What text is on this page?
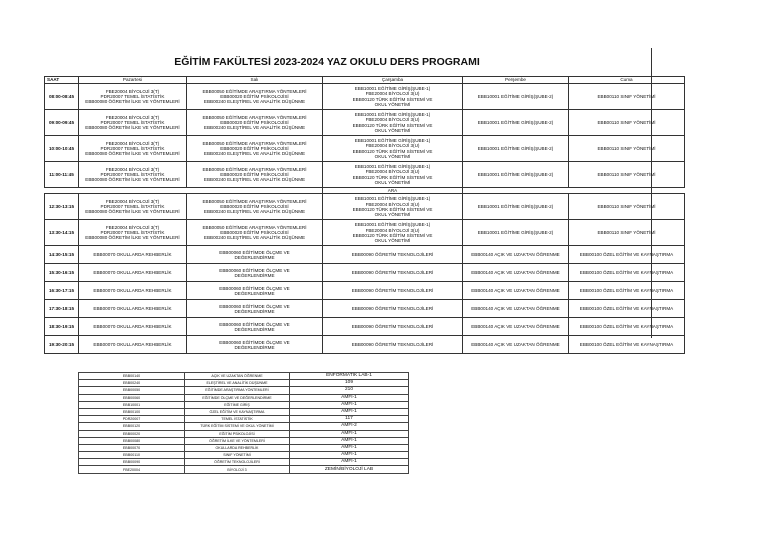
EĞİTİM FAKÜLTESİ 2023-2024 YAZ OKULU DERS PROGRAMI
SAAT	Pazartesi	Salı	Çarşamba	Perşembe	Cuma
08:00-08:45	FBE20004 BİYOLOJİ 3(T)
PDR20007 TEMEL İSTATİSTİK
EBB00080 ÖĞRETİM İLKE VE YÖNTEMLERİ	EBB00050 EĞİTİMDE ARAŞTIRMA YÖNTEMLERİ
EBB00020 EĞİTİM PSİKOLOJİSİ
EBB00240 ELEŞTİREL VE ANALİTİK DÜŞÜNME	EBB10001 EĞİTİME GİRİŞ(ŞUBE-1)
FBE20004 BİYOLOJİ 3(U)
EBB00120 TÜRK EĞİTİM SİSTEMİ VE
OKUL YÖNETİMİ	EBB10001 EĞİTİME GİRİŞ(ŞUBE-2)	EBB00110 SINIF YÖNETİMİ
09:00-09:45	FBE20004 BİYOLOJİ 3(T)
PDR20007 TEMEL İSTATİSTİK
EBB00080 ÖĞRETİM İLKE VE YÖNTEMLERİ	EBB00050 EĞİTİMDE ARAŞTIRMA YÖNTEMLERİ
EBB00020 EĞİTİM PSİKOLOJİSİ
EBB00240 ELEŞTİREL VE ANALİTİK DÜŞÜNME	EBB10001 EĞİTİME GİRİŞ(ŞUBE-1)
FBE20004 BİYOLOJİ 3(U)
EBB00120 TÜRK EĞİTİM SİSTEMİ VE
OKUL YÖNETİMİ	EBB10001 EĞİTİME GİRİŞ(ŞUBE-2)	EBB00110 SINIF YÖNETİMİ
10:00-10:45	FBE20004 BİYOLOJİ 3(T)
PDR20007 TEMEL İSTATİSTİK
EBB00080 ÖĞRETİM İLKE VE YÖNTEMLERİ	EBB00050 EĞİTİMDE ARAŞTIRMA YÖNTEMLERİ
EBB00020 EĞİTİM PSİKOLOJİSİ
EBB00240 ELEŞTİREL VE ANALİTİK DÜŞÜNME	EBB10001 EĞİTİME GİRİŞ(ŞUBE-1)
FBE20004 BİYOLOJİ 3(U)
EBB00120 TÜRK EĞİTİM SİSTEMİ VE
OKUL YÖNETİMİ	EBB10001 EĞİTİME GİRİŞ(ŞUBE-2)	EBB00110 SINIF YÖNETİMİ
11:00-11:45	FBE20004 BİYOLOJİ 3(T)
PDR20007 TEMEL İSTATİSTİK
EBB00080 ÖĞRETİM İLKE VE YÖNTEMLERİ	EBB00050 EĞİTİMDE ARAŞTIRMA YÖNTEMLERİ
EBB00020 EĞİTİM PSİKOLOJİSİ
EBB00240 ELEŞTİREL VE ANALİTİK DÜŞÜNME	EBB10001 EĞİTİME GİRİŞ(ŞUBE-1)
FBE20004 BİYOLOJİ 3(U)
EBB00120 TÜRK EĞİTİM SİSTEMİ VE
OKUL YÖNETİMİ	EBB10001 EĞİTİME GİRİŞ(ŞUBE-2)	EBB00110 SINIF YÖNETİMİ
			ARA		
12:30-13:15	FBE20004 BİYOLOJİ 3(T)
PDR20007 TEMEL İSTATİSTİK
EBB00080 ÖĞRETİM İLKE VE YÖNTEMLERİ	EBB00050 EĞİTİMDE ARAŞTIRMA YÖNTEMLERİ
EBB00020 EĞİTİM PSİKOLOJİSİ
EBB00240 ELEŞTİREL VE ANALİTİK DÜŞÜNME	EBB10001 EĞİTİME GİRİŞ(ŞUBE-1)
FBE20004 BİYOLOJİ 3(U)
EBB00120 TÜRK EĞİTİM SİSTEMİ VE
OKUL YÖNETİMİ	EBB10001 EĞİTİME GİRİŞ(ŞUBE-2)	EBB00110 SINIF YÖNETİMİ
13:30-14:15	FBE20004 BİYOLOJİ 3(T)
PDR20007 TEMEL İSTATİSTİK
EBB00080 ÖĞRETİM İLKE VE YÖNTEMLERİ	EBB00050 EĞİTİMDE ARAŞTIRMA YÖNTEMLERİ
EBB00020 EĞİTİM PSİKOLOJİSİ
EBB00240 ELEŞTİREL VE ANALİTİK DÜŞÜNME	EBB10001 EĞİTİME GİRİŞ(ŞUBE-1)
FBE20004 BİYOLOJİ 3(U)
EBB00120 TÜRK EĞİTİM SİSTEMİ VE
OKUL YÖNETİMİ	EBB10001 EĞİTİME GİRİŞ(ŞUBE-2)	EBB00110 SINIF YÖNETİMİ
14:30-15:15	EBB00070 OKULLARDA REHBERLİK	EBB00060 EĞİTİMDE ÖLÇME VE
DEĞERLENDİRME	EBB00090 ÖĞRETİM TEKNOLOJİLERİ	EBB00140 AÇIK VE UZAKTAN ÖĞRENME	EBB00100 ÖZEL EĞİTİM VE KAYNAŞTIRMA
15:30-16:15	EBB00070 OKULLARDA REHBERLİK	EBB00060 EĞİTİMDE ÖLÇME VE
DEĞERLENDİRME	EBB00090 ÖĞRETİM TEKNOLOJİLERİ	EBB00140 AÇIK VE UZAKTAN ÖĞRENME	EBB00100 ÖZEL EĞİTİM VE KAYNAŞTIRMA
16:30-17:15	EBB00070 OKULLARDA REHBERLİK	EBB00060 EĞİTİMDE ÖLÇME VE
DEĞERLENDİRME	EBB00090 ÖĞRETİM TEKNOLOJİLERİ	EBB00140 AÇIK VE UZAKTAN ÖĞRENME	EBB00100 ÖZEL EĞİTİM VE KAYNAŞTIRMA
17:30-18:15	EBB00070 OKULLARDA REHBERLİK	EBB00060 EĞİTİMDE ÖLÇME VE
DEĞERLENDİRME	EBB00090 ÖĞRETİM TEKNOLOJİLERİ	EBB00140 AÇIK VE UZAKTAN ÖĞRENME	EBB00100 ÖZEL EĞİTİM VE KAYNAŞTIRMA
18:30-19:15	EBB00070 OKULLARDA REHBERLİK	EBB00060 EĞİTİMDE ÖLÇME VE
DEĞERLENDİRME	EBB00090 ÖĞRETİM TEKNOLOJİLERİ	EBB00140 AÇIK VE UZAKTAN ÖĞRENME	EBB00100 ÖZEL EĞİTİM VE KAYNAŞTIRMA
19:30-20:15	EBB00070 OKULLARDA REHBERLİK	EBB00060 EĞİTİMDE ÖLÇME VE
DEĞERLENDİRME	EBB00090 ÖĞRETİM TEKNOLOJİLERİ	EBB00140 AÇIK VE UZAKTAN ÖĞRENME	EBB00100 ÖZEL EĞİTİM VE KAYNAŞTIRMA
EBB00140	AÇIK VE UZAKTAN ÖĞRENME	ENFORMATİK LAB-1
EBB00240	ELEŞTİREL VE ANALİTİK DÜŞÜNME	109
EBB00050	EĞİTİMDE ARAŞTIRMA YÖNTEMLERİ	210
EBB00060	EĞİTİMDE ÖLÇME VE DEĞERLENDİRME	AMFİ-1
EBB10001	EĞİTİME GİRİŞ	AMFİ-1
EBB00100	ÖZEL EĞİTİM VE KAYNAŞTIRMA	AMFİ-1
PDR20007	TEMEL İSTATİSTİK	117
EBB00120	TÜRK EĞİTİM SİSTEMİ VE OKUL YÖNETİMİ	AMFİ-2
EBB00020	EĞİTİM PSİKOLOJİSİ	AMFİ-1
EBB00080	ÖĞRETİM İLKE VE YÖNTEMLERİ	AMFİ-1
EBB00070	OKULLARDA REHBERLİK	AMFİ-1
EBB00110	SINIF YÖNETİMİ	AMFİ-1
EBB00090	ÖĞRETİM TEKNOLOJİLERİ	AMFİ-1
FBE20004	BİYOLOJİ 3	ZEMİN/BİYOLOJİ LAB
